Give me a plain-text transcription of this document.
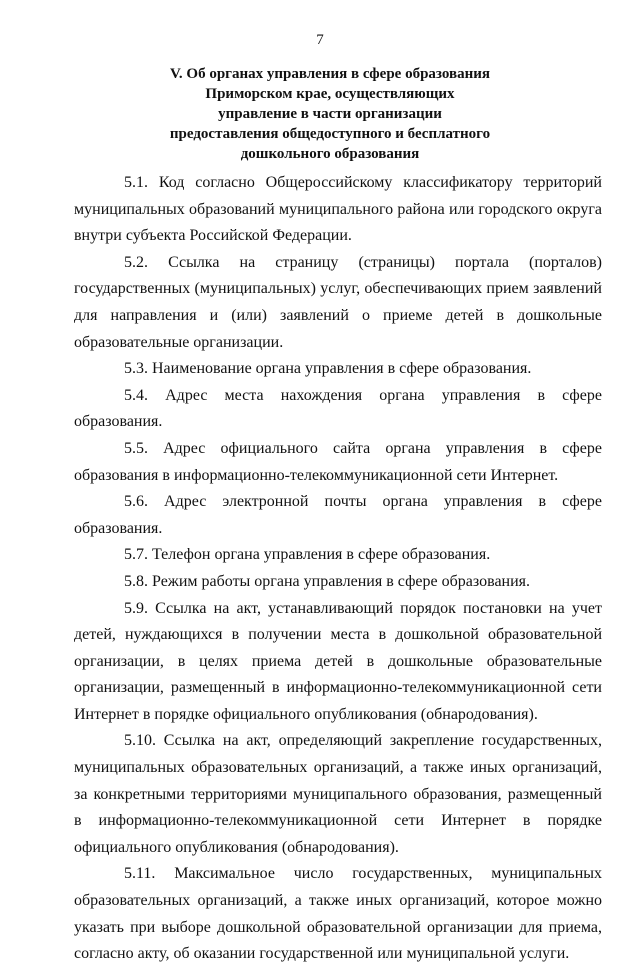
7
V. Об органах управления в сфере образования
Приморском крае, осуществляющих
управление в части организации
предоставления общедоступного и бесплатного
дошкольного образования

5.1. Код согласно Общероссийскому классификатору территорий муниципальных образований муниципального района или городского округа внутри субъекта Российской Федерации.

5.2. Ссылка на страницу (страницы) портала (порталов) государственных (муниципальных) услуг, обеспечивающих прием заявлений для направления и (или) заявлений о приеме детей в дошкольные образовательные организации.

5.3. Наименование органа управления в сфере образования.

5.4. Адрес места нахождения органа управления в сфере образования.

5.5. Адрес официального сайта органа управления в сфере образования в информационно-телекоммуникационной сети Интернет.

5.6. Адрес электронной почты органа управления в сфере образования.

5.7. Телефон органа управления в сфере образования.

5.8. Режим работы органа управления в сфере образования.

5.9. Ссылка на акт, устанавливающий порядок постановки на учет детей, нуждающихся в получении места в дошкольной образовательной организации, в целях приема детей в дошкольные образовательные организации, размещенный в информационно-телекоммуникационной сети Интернет в порядке официального опубликования (обнародования).

5.10. Ссылка на акт, определяющий закрепление государственных, муниципальных образовательных организаций, а также иных организаций, за конкретными территориями муниципального образования, размещенный в информационно-телекоммуникационной сети Интернет в порядке официального опубликования (обнародования).

5.11. Максимальное число государственных, муниципальных образовательных организаций, а также иных организаций, которое можно указать при выборе дошкольной образовательной организации для приема, согласно акту, об оказании государственной или муниципальной услуги.
